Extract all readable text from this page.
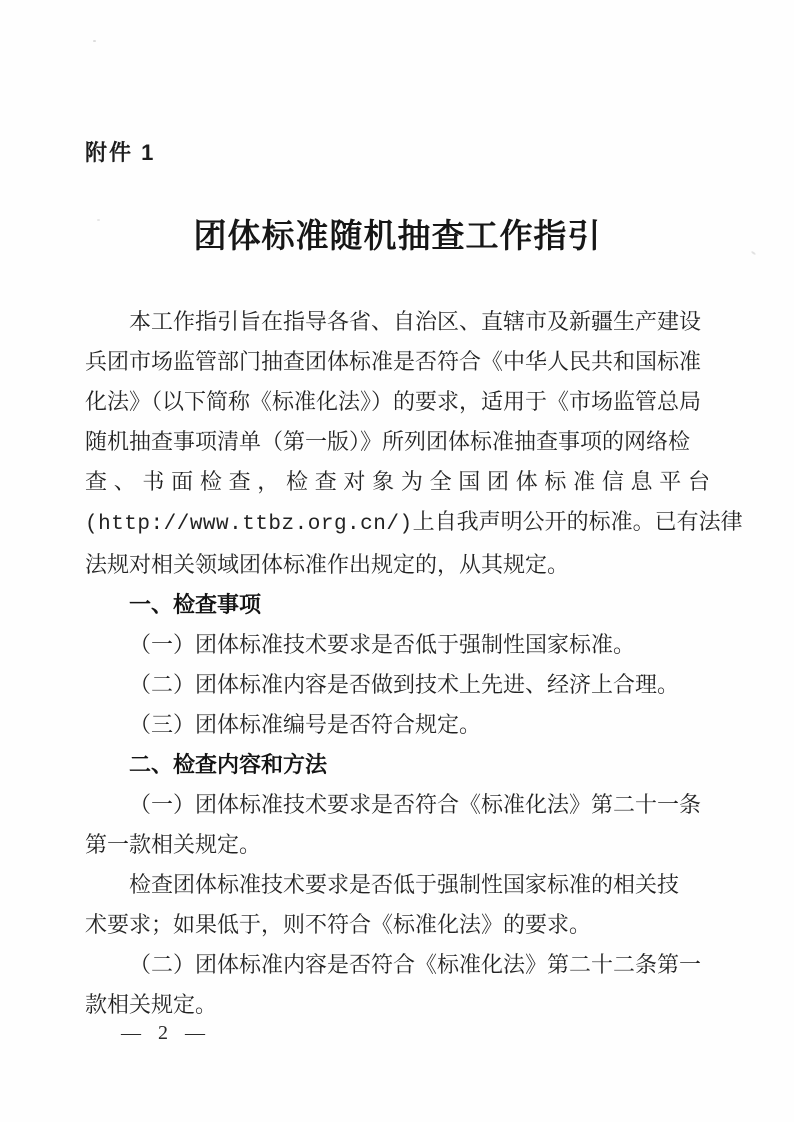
附件 1
团体标准随机抽查工作指引
本工作指引旨在指导各省、自治区、直辖市及新疆生产建设
兵团市场监管部门抽查团体标准是否符合《中华人民共和国标准
化法》（以下简称《标准化法》）的要求，适用于《市场监管总局
随机抽查事项清单（第一版）》所列团体标准抽查事项的网络检
查、书面检查，检查对象为全国团体标准信息平台
(http://www.ttbz.org.cn/)上自我声明公开的标准。已有法律
法规对相关领域团体标准作出规定的，从其规定。
一、检查事项
（一）团体标准技术要求是否低于强制性国家标准。
（二）团体标准内容是否做到技术上先进、经济上合理。
（三）团体标准编号是否符合规定。
二、检查内容和方法
（一）团体标准技术要求是否符合《标准化法》第二十一条
第一款相关规定。
检查团体标准技术要求是否低于强制性国家标准的相关技
术要求；如果低于，则不符合《标准化法》的要求。
（二）团体标准内容是否符合《标准化法》第二十二条第一
款相关规定。
— 2 —
